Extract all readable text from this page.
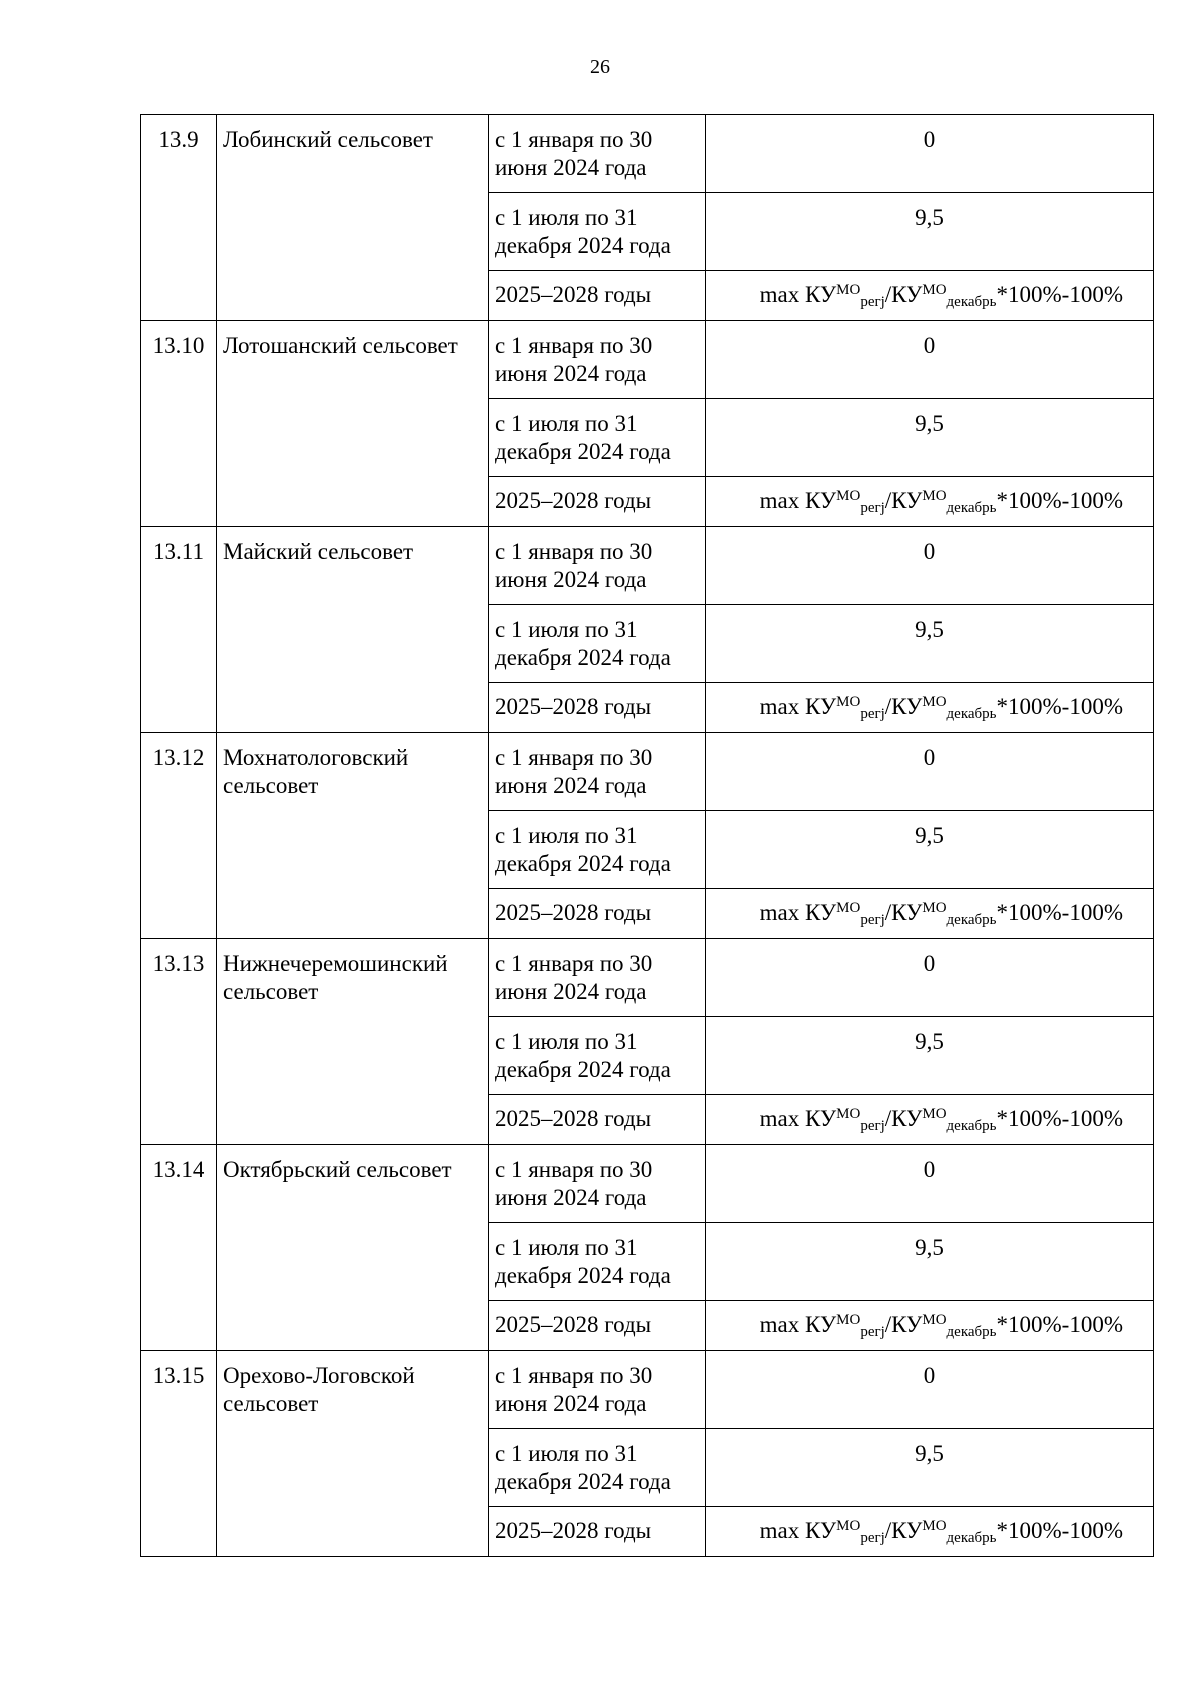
26
13.9	Лобинский сельсовет	с 1 января по 30 июня 2024 года	0
		с 1 июля по 31 декабря 2024 года	9,5
		2025–2028 годы	$\max КУ^{МО}_{регj}/КУ^{МО}_{декабрь}*100\%-100\%$
13.10	Лотошанский сельсовет	с 1 января по 30 июня 2024 года	0
		с 1 июля по 31 декабря 2024 года	9,5
		2025–2028 годы	$\max КУ^{МО}_{регj}/КУ^{МО}_{декабрь}*100\%-100\%$
13.11	Майский сельсовет	с 1 января по 30 июня 2024 года	0
		с 1 июля по 31 декабря 2024 года	9,5
		2025–2028 годы	$\max КУ^{МО}_{регj}/КУ^{МО}_{декабрь}*100\%-100\%$
13.12	Мохнатологовский сельсовет	с 1 января по 30 июня 2024 года	0
		с 1 июля по 31 декабря 2024 года	9,5
		2025–2028 годы	$\max КУ^{МО}_{регj}/КУ^{МО}_{декабрь}*100\%-100\%$
13.13	Нижнечеремошинский сельсовет	с 1 января по 30 июня 2024 года	0
		с 1 июля по 31 декабря 2024 года	9,5
		2025–2028 годы	$\max КУ^{МО}_{регj}/КУ^{МО}_{декабрь}*100\%-100\%$
13.14	Октябрьский сельсовет	с 1 января по 30 июня 2024 года	0
		с 1 июля по 31 декабря 2024 года	9,5
		2025–2028 годы	$\max КУ^{МО}_{регj}/КУ^{МО}_{декабрь}*100\%-100\%$
13.15	Орехово-Логовской сельсовет	с 1 января по 30 июня 2024 года	0
		с 1 июля по 31 декабря 2024 года	9,5
		2025–2028 годы	$\max КУ^{МО}_{регj}/КУ^{МО}_{декабрь}*100\%-100\%$
